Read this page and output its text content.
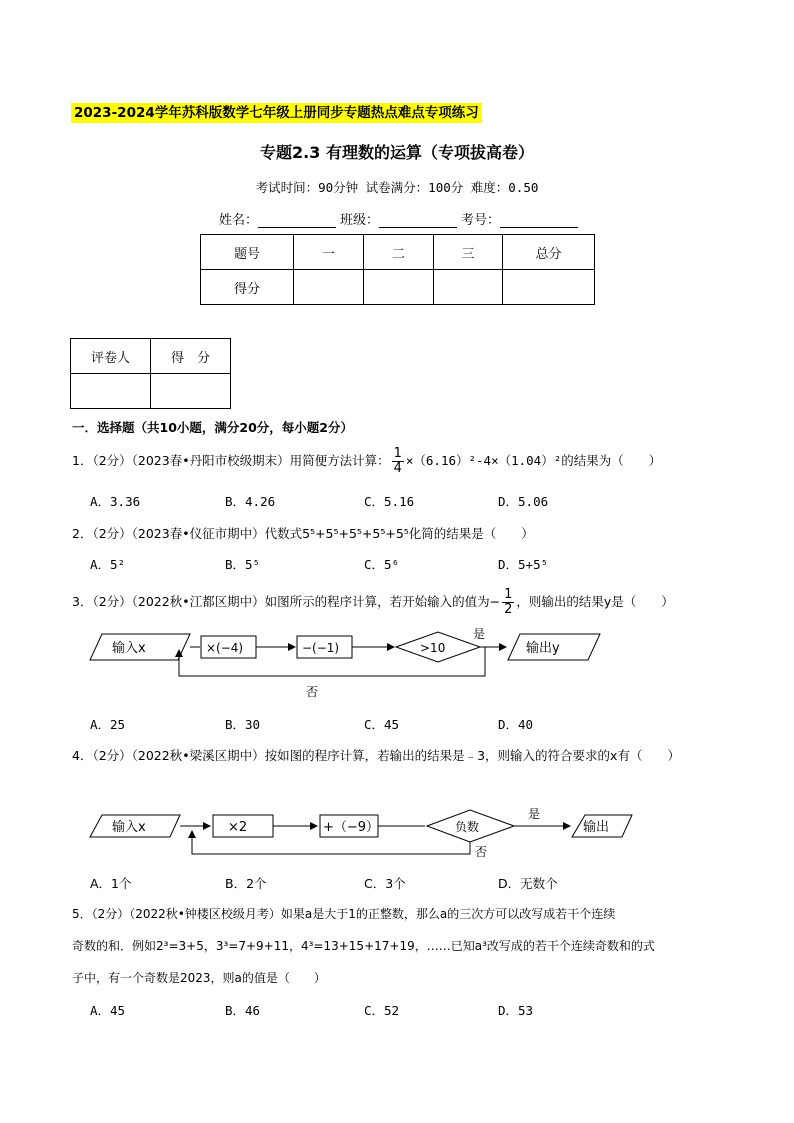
2023-2024学年苏科版数学七年级上册同步专题热点难点专项练习
专题2.3 有理数的运算（专项拔高卷）
考试时间：90分钟 试卷满分：100分 难度：0.50
姓名：	班级：	考号：
题号	一	二	三	总分
得分				
评卷人	得　分

一．选择题（共10小题，满分20分，每小题2分）
1．（2分）（2023春•丹阳市校级期末）用简便方法计算： $\frac{1}{4} \times(6.16)^2-4\times(1.04)^2$的结果为（　　）
A．3.36	B．4.26	C．5.16	D．5.06
2．（2分）（2023春•仪征市期中）代数式5⁵+5⁵+5⁵+5⁵+5⁵化简的结果是（　　）
A．5²	B．5⁵	C．5⁶	D．5+5⁵
3．（2分）（2022秋•江都区期中）如图所示的程序计算，若开始输入的值为− $\frac{1}{2}$ ，则输出的结果y是（　　）
输入x	×(−4)	−(−1)	>10
是
输出y
否
A．25	B．30	C．45	D．40
4．（2分）（2022秋•梁溪区期中）按如图的程序计算，若输出的结果是﹣3，则输入的符合要求的x有（　　）
输入x	×2	+（−9）	负数
是
输出
否
A．1个	B．2个	C．3个	D．无数个
5．（2分）（2022秋•钟楼区校级月考）如果a是大于1的正整数，那么a的三次方可以改写成若干个连续
奇数的和．例如2³=3+5，3³=7+9+11，4³=13+15+17+19，……已知a³改写成的若干个连续奇数和的式
子中，有一个奇数是2023，则a的值是（　　）
A．45	B．46	C．52	D．53
